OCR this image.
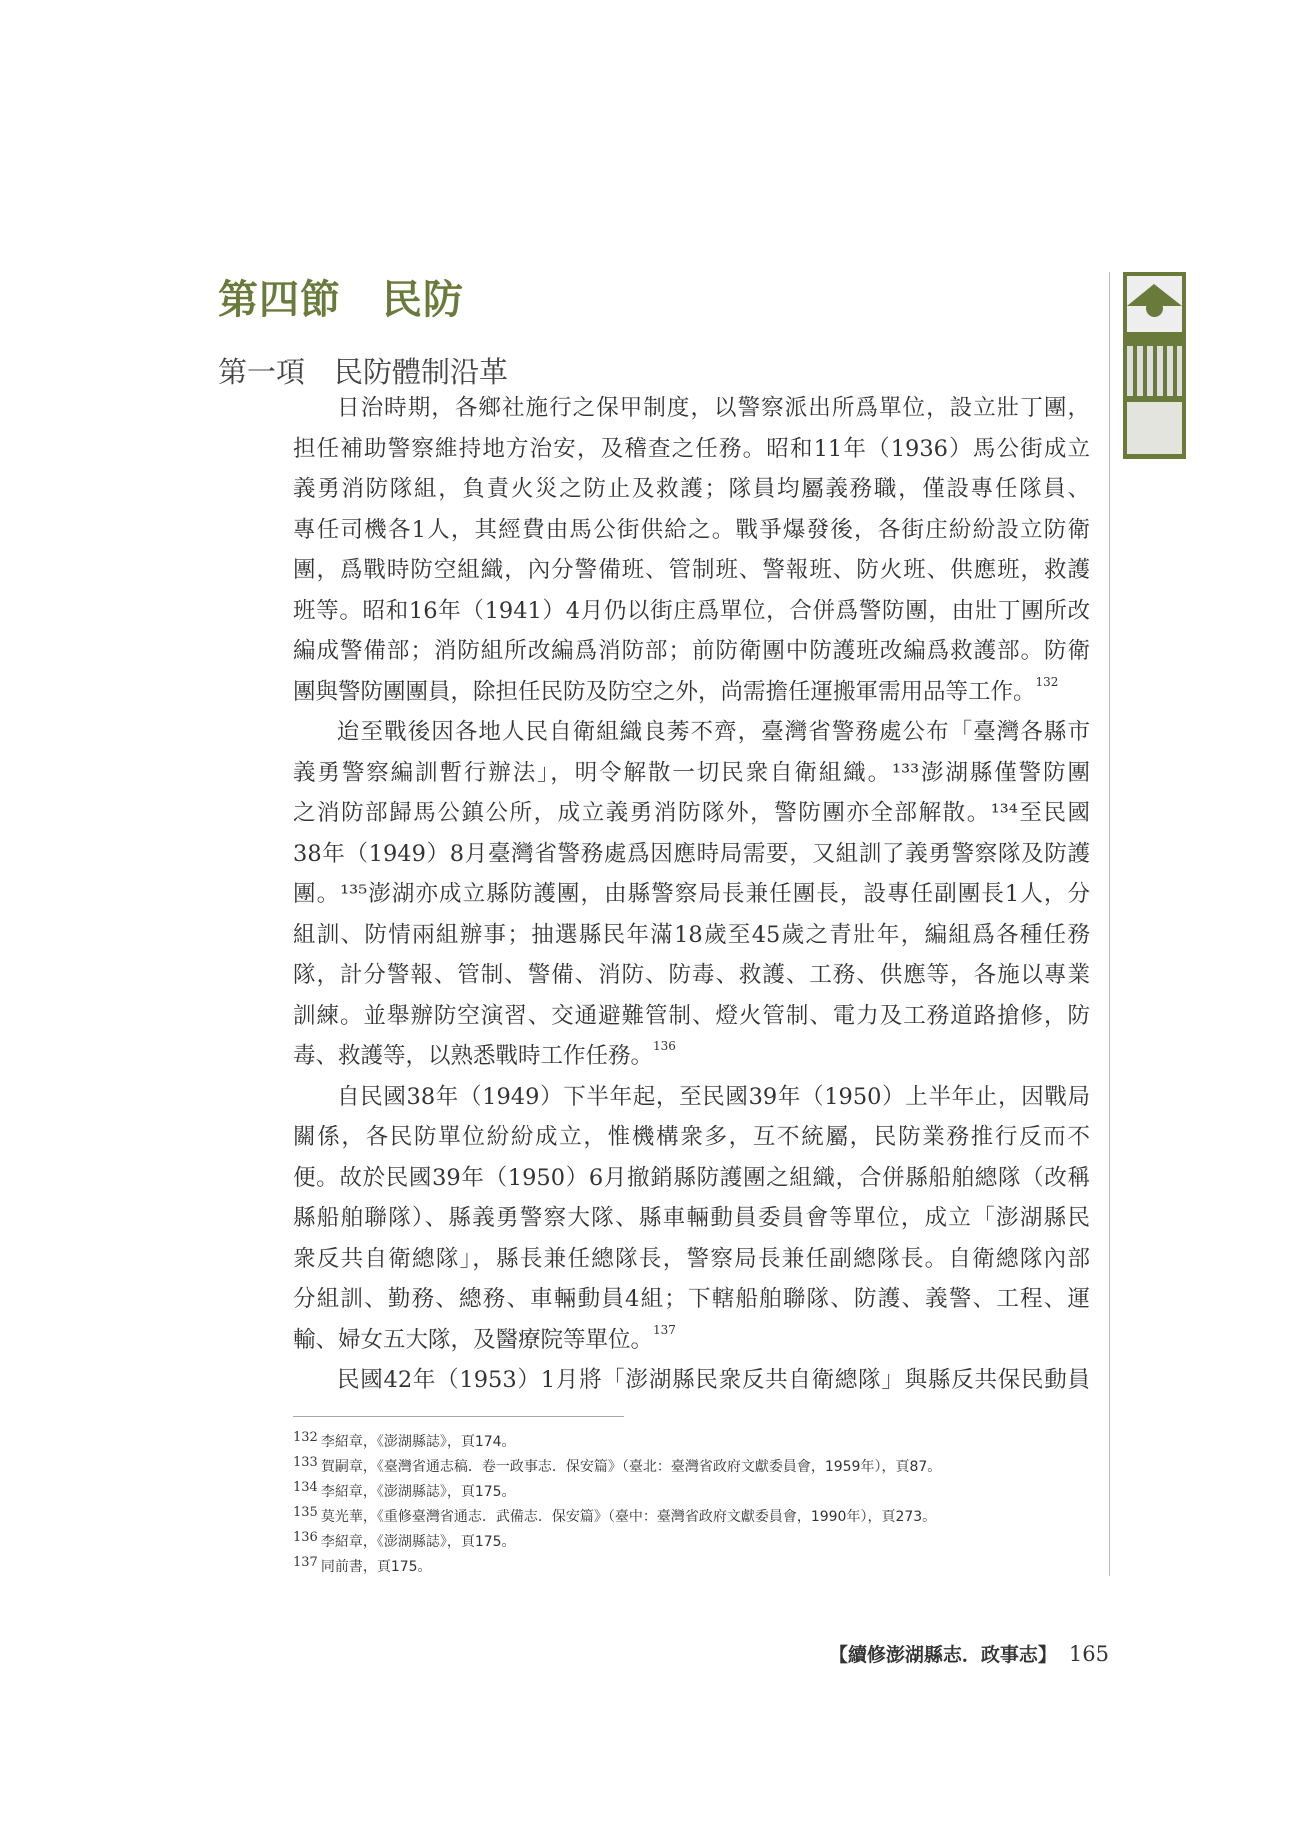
第四節　民防
第一項　民防體制沿革
日治時期，各鄉社施行之保甲制度，以警察派出所爲單位，設立壯丁團，
担任補助警察維持地方治安，及稽查之任務。昭和11年（1936）馬公街成立
義勇消防隊組，負責火災之防止及救護；隊員均屬義務職，僅設專任隊員、
專任司機各1人，其經費由馬公街供給之。戰爭爆發後，各街庄紛紛設立防衛
團，爲戰時防空組織，內分警備班、管制班、警報班、防火班、供應班，救護
班等。昭和16年（1941）4月仍以街庄爲單位，合併爲警防團，由壯丁團所改
編成警備部；消防組所改編爲消防部；前防衛團中防護班改編爲救護部。防衛
團與警防團團員，除担任民防及防空之外，尚需擔任運搬軍需用品等工作。$^{132}$
迨至戰後因各地人民自衛組織良莠不齊，臺灣省警務處公布「臺灣各縣市
義勇警察編訓暫行辦法」，明令解散一切民衆自衛組織。¹³³澎湖縣僅警防團
之消防部歸馬公鎮公所，成立義勇消防隊外，警防團亦全部解散。¹³⁴至民國
38年（1949）8月臺灣省警務處爲因應時局需要，又組訓了義勇警察隊及防護
團。¹³⁵澎湖亦成立縣防護團，由縣警察局長兼任團長，設專任副團長1人，分
組訓、防情兩組辦事；抽選縣民年滿18歲至45歲之青壯年，編組爲各種任務
隊，計分警報、管制、警備、消防、防毒、救護、工務、供應等，各施以專業
訓練。並舉辦防空演習、交通避難管制、燈火管制、電力及工務道路搶修，防
毒、救護等，以熟悉戰時工作任務。$^{136}$
自民國38年（1949）下半年起，至民國39年（1950）上半年止，因戰局
關係，各民防單位紛紛成立，惟機構衆多，互不統屬，民防業務推行反而不
便。故於民國39年（1950）6月撤銷縣防護團之組織，合併縣船舶總隊（改稱
縣船舶聯隊）、縣義勇警察大隊、縣車輛動員委員會等單位，成立「澎湖縣民
衆反共自衛總隊」，縣長兼任總隊長，警察局長兼任副總隊長。自衛總隊內部
分組訓、勤務、總務、車輛動員4組；下轄船舶聯隊、防護、義警、工程、運
輸、婦女五大隊，及醫療院等單位。$^{137}$
民國42年（1953）1月將「澎湖縣民衆反共自衛總隊」與縣反共保民動員
132 李紹章，《澎湖縣誌》，頁174。
133 賀嗣章，《臺灣省通志稿．卷一政事志．保安篇》（臺北：臺灣省政府文獻委員會，1959年），頁87。
134 李紹章，《澎湖縣誌》，頁175。
135 莫光華，《重修臺灣省通志．武備志．保安篇》（臺中：臺灣省政府文獻委員會，1990年），頁273。
136 李紹章，《澎湖縣誌》，頁175。
137 同前書，頁175。
【續修澎湖縣志．政事志】 165
